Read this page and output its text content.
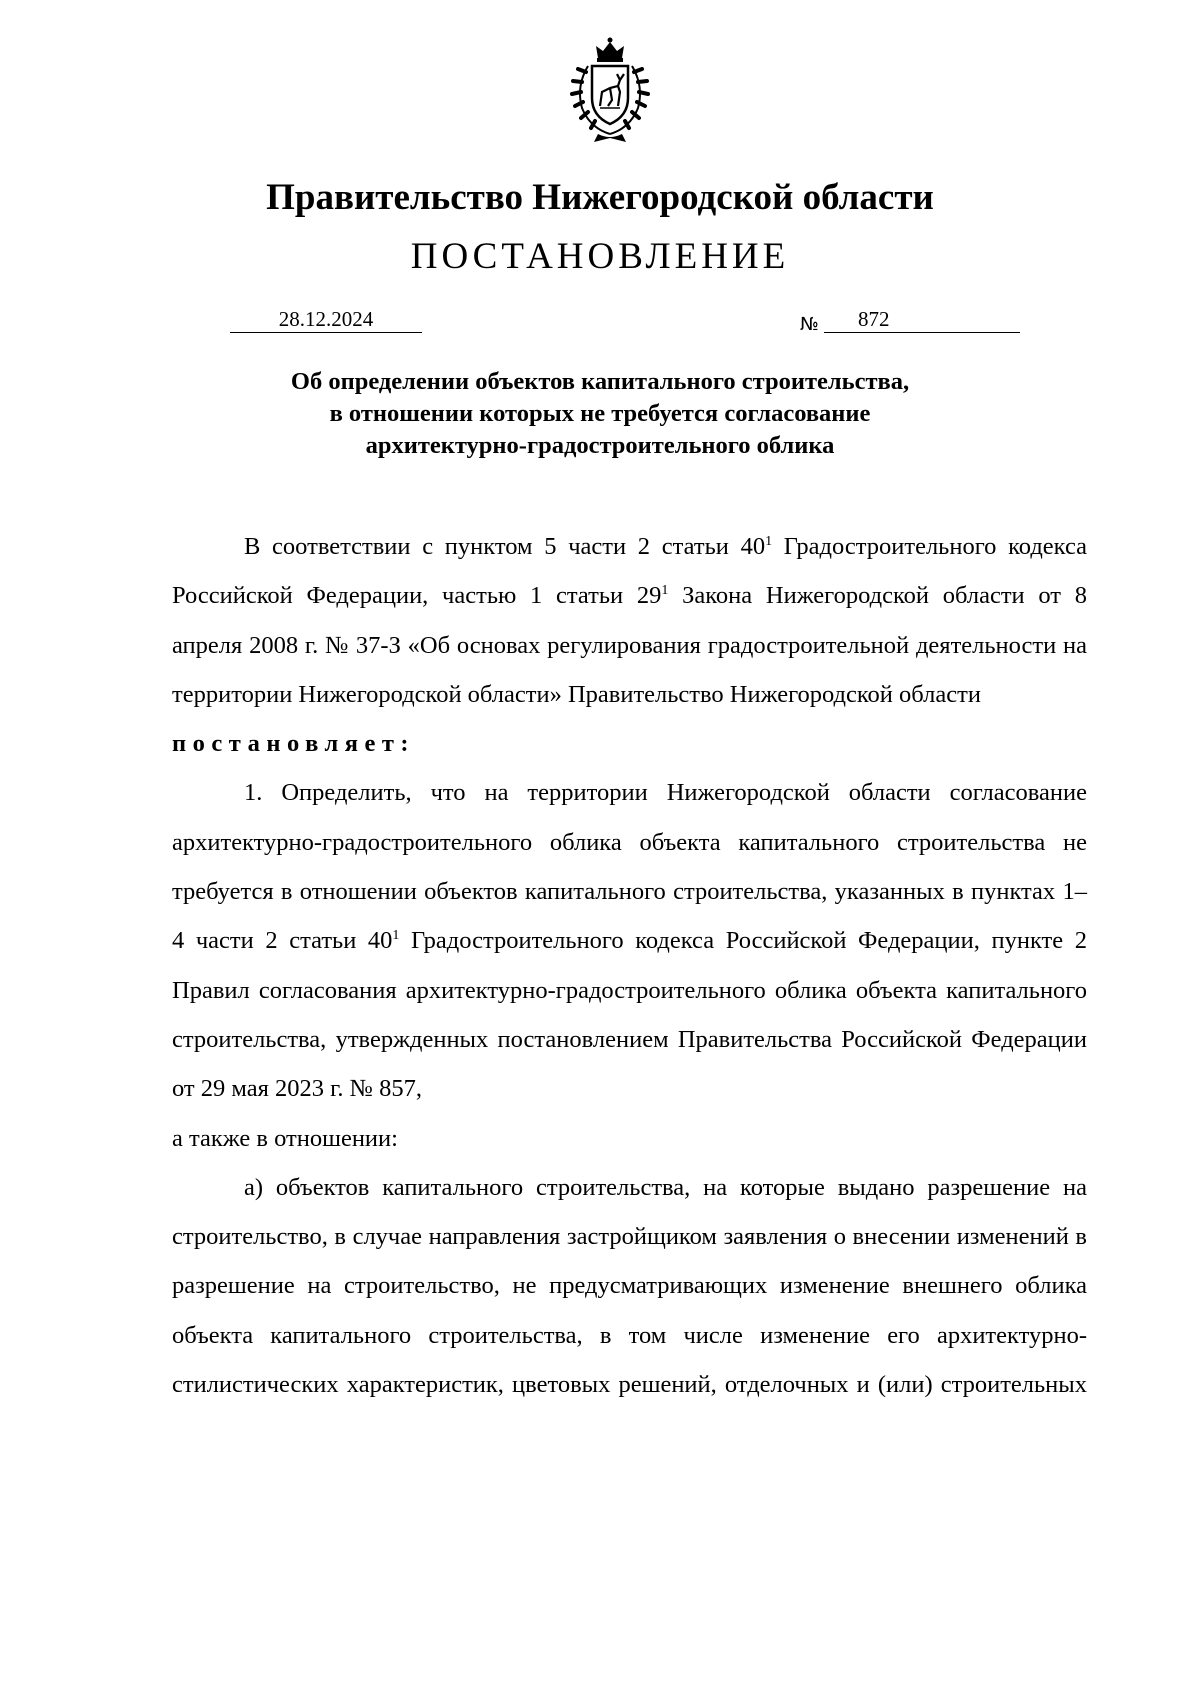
Правительство Нижегородской области
ПОСТАНОВЛЕНИЕ
28.12.2024	№	872
Об определении объектов капитального строительства,
в отношении которых не требуется согласование
архитектурно-градостроительного облика

В соответствии с пунктом 5 части 2 статьи $40^1$ Градостроительного кодекса Российской Федерации, частью 1 статьи $29^1$ Закона Нижегородской области от 8 апреля 2008 г. № 37-З «Об основах регулирования градостроительной деятельности на территории Нижегородской области» Правительство Нижегородской области

постановляет:

1. Определить, что на территории Нижегородской области согласование архитектурно-градостроительного облика объекта капитального строительства не требуется в отношении объектов капитального строительства, указанных в пунктах 1–4 части 2 статьи $40^1$ Градостроительного кодекса Российской Федерации, пункте 2 Правил согласования архитектурно-градостроительного облика объекта капитального строительства, утвержденных постановлением Правительства Российской Федерации от 29 мая 2023 г. № 857,

а также в отношении:

а) объектов капитального строительства, на которые выдано разрешение на строительство, в случае направления застройщиком заявления о внесении изменений в разрешение на строительство, не предусматривающих изменение внешнего облика объекта капитального строительства, в том числе изменение его архитектурно-стилистических характеристик, цветовых решений, отделочных и (или) строительных
